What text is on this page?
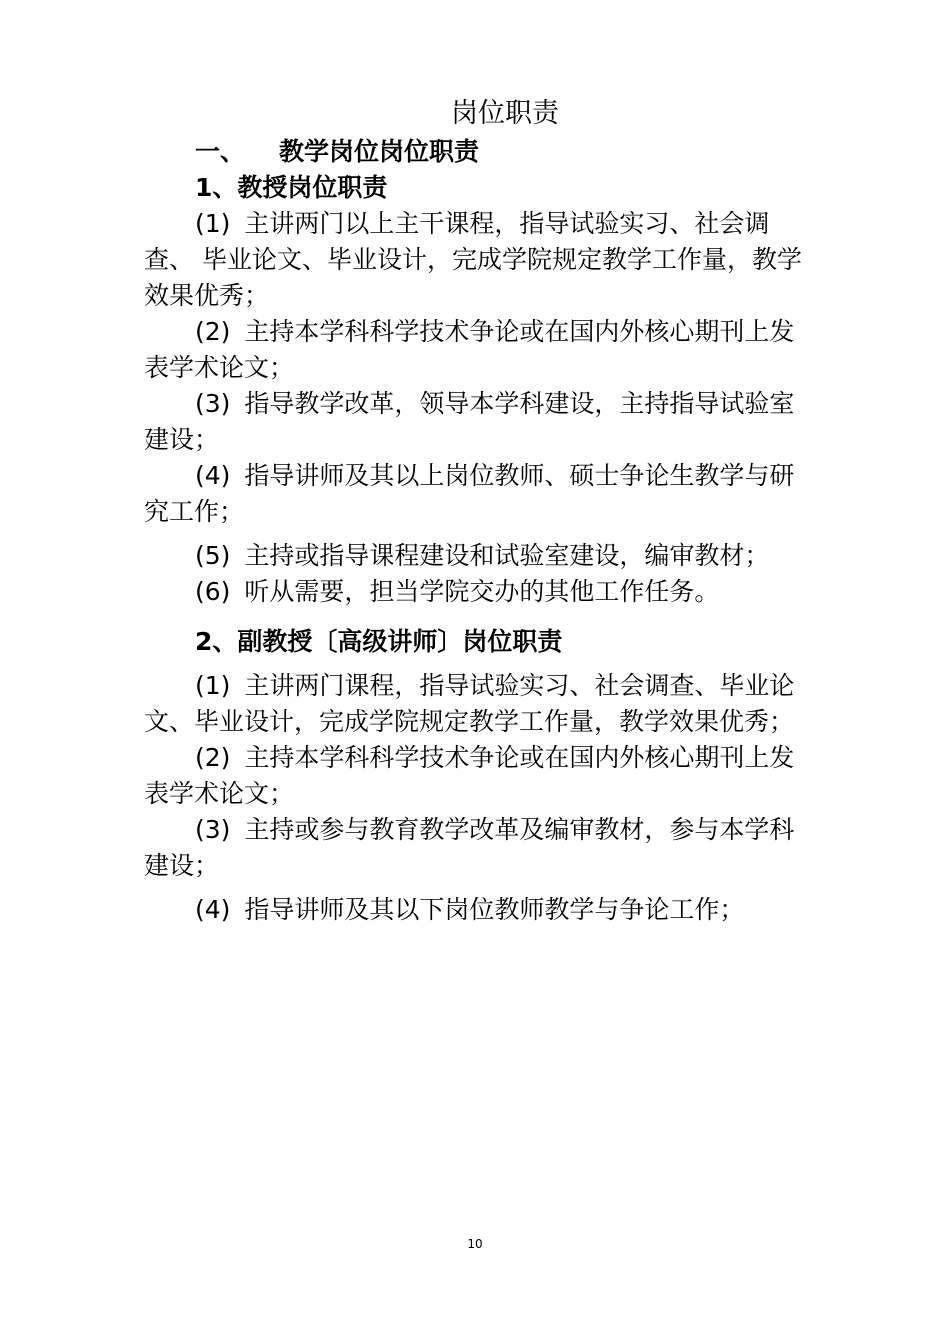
岗位职责
一、 教学岗位岗位职责
1、教授岗位职责

(1) 主讲两门以上主干课程，指导试验实习、社会调查、 毕业论文、毕业设计，完成学院规定教学工作量，教学效果优秀；

(2) 主持本学科科学技术争论或在国内外核心期刊上发表学术论文；

(3) 指导教学改革，领导本学科建设，主持指导试验室建设；

(4) 指导讲师及其以上岗位教师、硕士争论生教学与研究工作；

(5) 主持或指导课程建设和试验室建设，编审教材；

(6) 听从需要，担当学院交办的其他工作任务。

2、副教授〔高级讲师〕岗位职责

(1) 主讲两门课程，指导试验实习、社会调查、毕业论文、毕业设计，完成学院规定教学工作量，教学效果优秀；

(2) 主持本学科科学技术争论或在国内外核心期刊上发表学术论文；

(3) 主持或参与教育教学改革及编审教材，参与本学科建设；

(4) 指导讲师及其以下岗位教师教学与争论工作；

10
